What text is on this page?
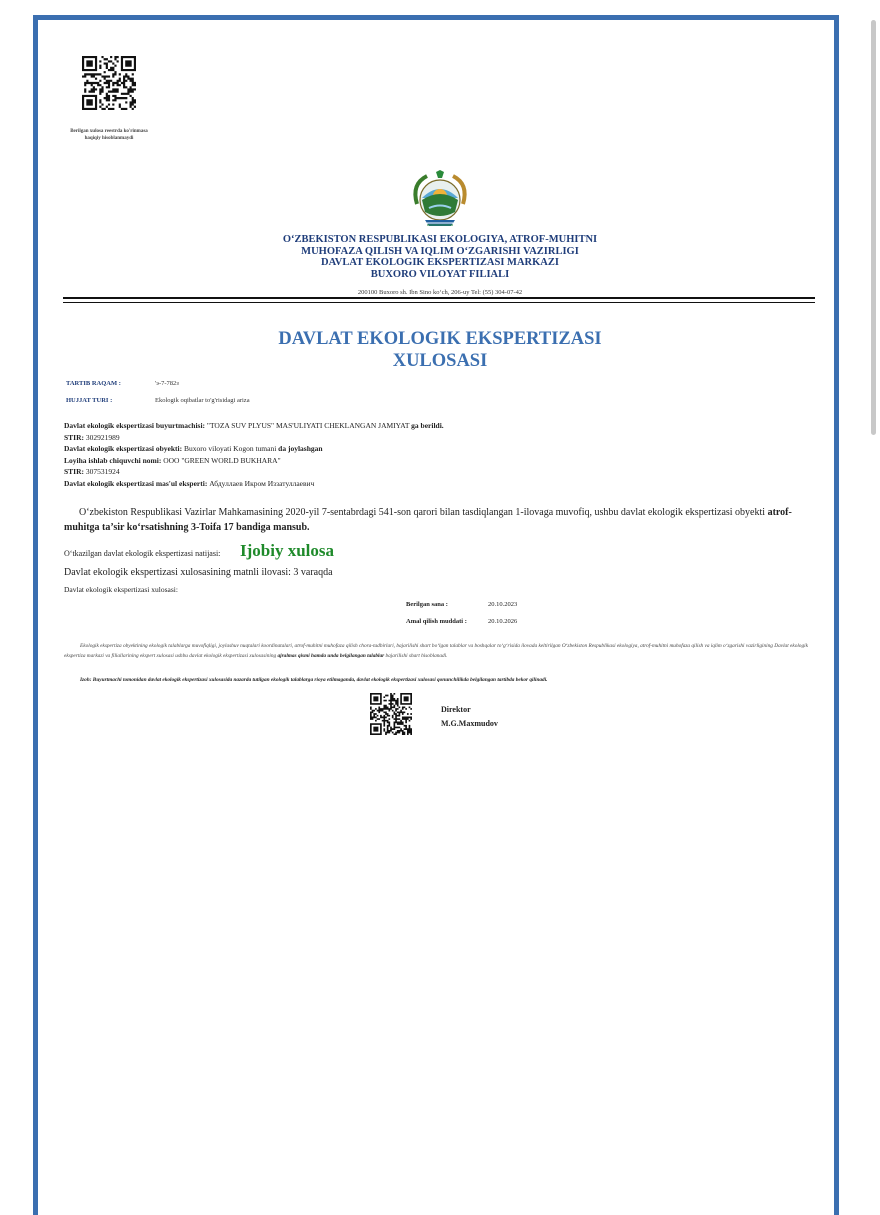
Berilgan xulosa reestrda ko'rinmasa haqiqiy hisoblanmaydi
O‘ZBEKISTON RESPUBLIKASI EKOLOGIYA, ATROF-MUHITNI
MUHOFAZA QILISH VA IQLIM O‘ZGARISHI VAZIRLIGI
DAVLAT EKOLOGIK EKSPERTIZASI MARKAZI
BUXORO VILOYAT FILIALI
200100 Buxoro sh. Ibn Sino ko‘ch, 206-uy Tel: (55) 304-07-42
DAVLAT EKOLOGIK EKSPERTIZASI
XULOSASI
TARTIB RAQAM :	'э-7-782з
HUJJAT TURI :	Ekologik oqibatlar to'g'risidagi ariza
Davlat ekologik ekspertizasi buyurtmachisi: "TOZA SUV PLYUS" MAS'ULIYATI CHEKLANGAN JAMIYAT ga berildi.
STIR: 302921989
Davlat ekologik ekspertizasi obyekti: Buxoro viloyati Kogon tumani da joylashgan
Loyiha ishlab chiquvchi nomi: ООО "GREEN WORLD BUKHARA"
STIR: 307531924
Davlat ekologik ekspertizasi mas'ul eksperti: Абдуллаев Икром Иззатуллаевич
O‘zbekiston Respublikasi Vazirlar Mahkamasining 2020-yil 7-sentabrdagi 541-son qarori bilan tasdiqlangan 1-ilovaga muvofiq, ushbu davlat ekologik ekspertizasi obyekti atrof-muhitga ta’sir ko‘rsatishning 3-Toifa 17 bandiga mansub.
O‘tkazilgan davlat ekologik ekspertizasi natijasi: Ijobiy xulosa
Davlat ekologik ekspertizasi xulosasining matnli ilovasi: 3 varaqda
Davlat ekologik ekspertizasi xulosasi:
Berilgan sana :	20.10.2023
Amal qilish muddati :	20.10.2026
Ekologik ekspertiza obyektining ekologik talablarga muvofiqligi, joylashuv nuqtalari koordinatalari, atrof-muhitni muhofaza qilish chora-tadbirlari, bajarilishi shart bo‘lgan talablar va boshqalar to‘g‘risida ilovada keltirilgan O‘zbekiston Respublikasi ekologiya, atrof-muhitni muhofaza qilish va iqlim o‘zgarishi vazirligining Davlat ekologik ekspertiza markazi va filiallarining ekspert xulosasi ushbu davlat ekologik ekspertizasi xulosasining ajralmas qismi hamda unda belgilangan talablar bajarilishi shart hisoblanadi.
Izoh: Buyurtmachi tomonidan davlat ekologik ekspertizasi xulosasida nazarda tutilgan ekologik talablarga rioya etilmaganda, davlat ekologik ekspertizasi xulosasi qonunchilikda belgilangan tartibda bekor qilinadi.
Direktor
M.G.Maxmudov
